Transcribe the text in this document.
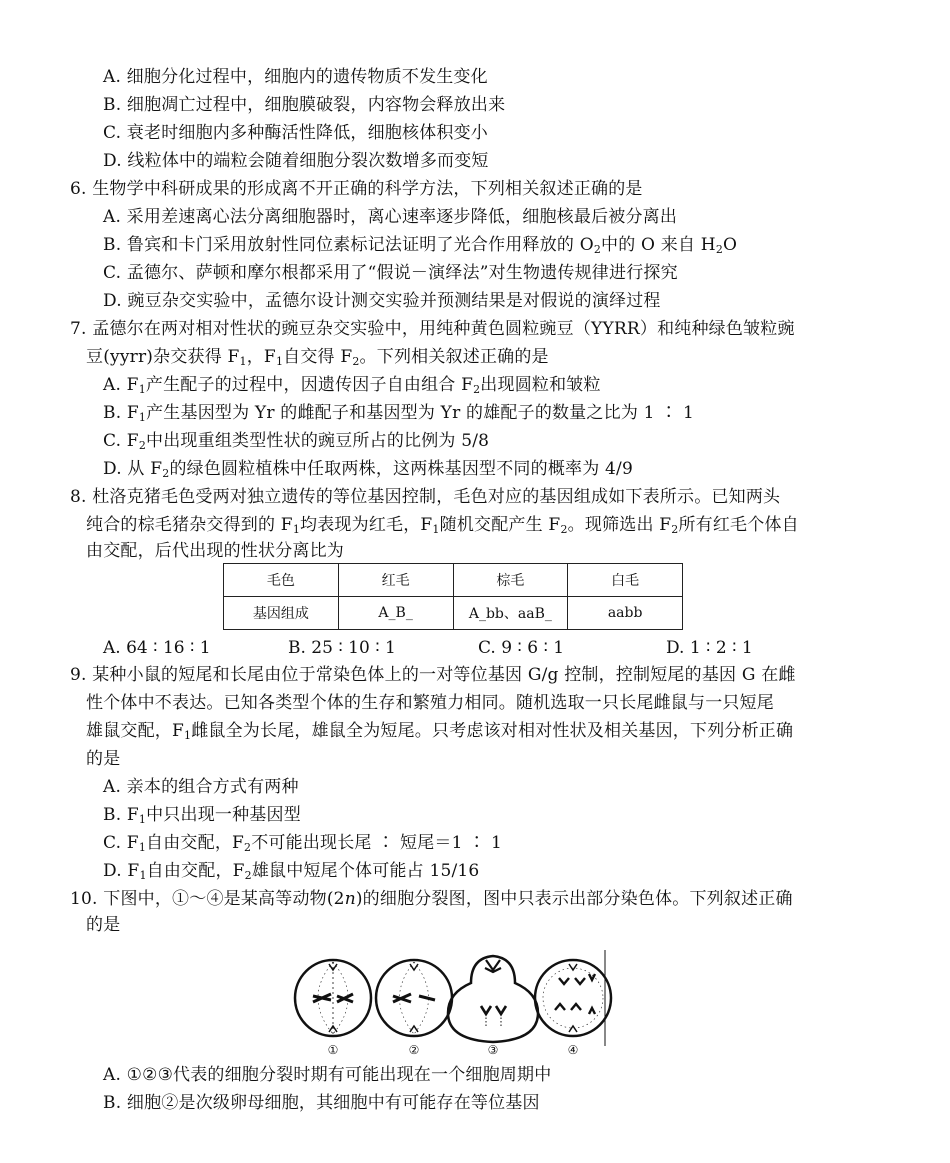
A. 细胞分化过程中，细胞内的遗传物质不发生变化
B. 细胞凋亡过程中，细胞膜破裂，内容物会释放出来
C. 衰老时细胞内多种酶活性降低，细胞核体积变小
D. 线粒体中的端粒会随着细胞分裂次数增多而变短
6. 生物学中科研成果的形成离不开正确的科学方法，下列相关叙述正确的是
A. 采用差速离心法分离细胞器时，离心速率逐步降低，细胞核最后被分离出
B. 鲁宾和卡门采用放射性同位素标记法证明了光合作用释放的 $O_2$中的 O 来自 $H_2O$
C. 孟德尔、萨顿和摩尔根都采用了“假说－演绎法”对生物遗传规律进行探究
D. 豌豆杂交实验中，孟德尔设计测交实验并预测结果是对假说的演绎过程
7. 孟德尔在两对相对性状的豌豆杂交实验中，用纯种黄色圆粒豌豆（YYRR）和纯种绿色皱粒豌
豆(yyrr)杂交获得 $F_1$，$F_1$自交得 $F_2$。下列相关叙述正确的是
A. $F_1$产生配子的过程中，因遗传因子自由组合 $F_2$出现圆粒和皱粒
B. $F_1$产生基因型为 Yr 的雌配子和基因型为 Yr 的雄配子的数量之比为 1 ∶ 1
C. $F_2$中出现重组类型性状的豌豆所占的比例为 5/8
D. 从 $F_2$的绿色圆粒植株中任取两株，这两株基因型不同的概率为 4/9
8. 杜洛克猪毛色受两对独立遗传的等位基因控制，毛色对应的基因组成如下表所示。已知两头
纯合的棕毛猪杂交得到的 $F_1$均表现为红毛，$F_1$随机交配产生 $F_2$。现筛选出 $F_2$所有红毛个体自
由交配，后代出现的性状分离比为
毛色	红毛	棕毛	白毛
基因组成	A_B_	A_bb、aaB_	aabb
A. 64 ∶ 16 ∶ 1	B. 25 ∶ 10 ∶ 1	C. 9 ∶ 6 ∶ 1	D. 1 ∶ 2 ∶ 1
9. 某种小鼠的短尾和长尾由位于常染色体上的一对等位基因 G/g 控制，控制短尾的基因 G 在雌
性个体中不表达。已知各类型个体的生存和繁殖力相同。随机选取一只长尾雌鼠与一只短尾
雄鼠交配，$F_1$雌鼠全为长尾，雄鼠全为短尾。只考虑该对相对性状及相关基因，下列分析正确
的是
A. 亲本的组合方式有两种
B. $F_1$中只出现一种基因型
C. $F_1$自由交配，$F_2$不可能出现长尾 ∶ 短尾＝1 ∶ 1
D. $F_1$自由交配，$F_2$雄鼠中短尾个体可能占 15/16
10. 下图中，①～④是某高等动物(2n)的细胞分裂图，图中只表示出部分染色体。下列叙述正确
的是
①	②	③	④
A. ①②③代表的细胞分裂时期有可能出现在一个细胞周期中
B. 细胞②是次级卵母细胞，其细胞中有可能存在等位基因
